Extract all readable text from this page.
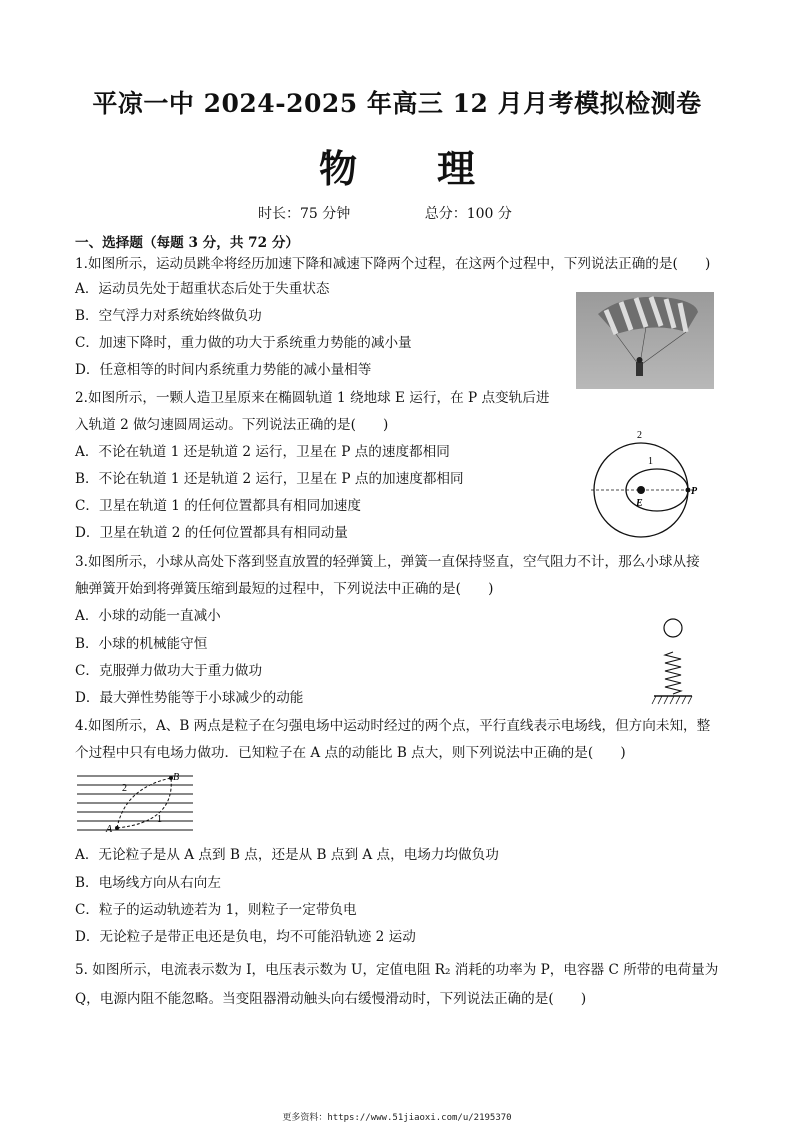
平凉一中 2024-2025 年高三 12 月月考模拟检测卷
物理
时长：75 分钟	总分：100 分
一、选择题（每题 3 分，共 72 分）
1.如图所示，运动员跳伞将经历加速下降和减速下降两个过程，在这两个过程中，下列说法正确的是(　　)
A．运动员先处于超重状态后处于失重状态
B．空气浮力对系统始终做负功
C．加速下降时，重力做的功大于系统重力势能的减小量
D．任意相等的时间内系统重力势能的减小量相等
2.如图所示，一颗人造卫星原来在椭圆轨道 1 绕地球 E 运行，在 P 点变轨后进
入轨道 2 做匀速圆周运动。下列说法正确的是(　　)
A．不论在轨道 1 还是轨道 2 运行，卫星在 P 点的速度都相同
B．不论在轨道 1 还是轨道 2 运行，卫星在 P 点的加速度都相同
C．卫星在轨道 1 的任何位置都具有相同加速度
D．卫星在轨道 2 的任何位置都具有相同动量
2
1
E
P
3.如图所示，小球从高处下落到竖直放置的轻弹簧上，弹簧一直保持竖直，空气阻力不计，那么小球从接
触弹簧开始到将弹簧压缩到最短的过程中，下列说法中正确的是(　　)
A．小球的动能一直减小
B．小球的机械能守恒
C．克服弹力做功大于重力做功
D．最大弹性势能等于小球减少的动能
4.如图所示，A、B 两点是粒子在匀强电场中运动时经过的两个点，平行直线表示电场线，但方向未知，整
个过程中只有电场力做功．已知粒子在 A 点的动能比 B 点大，则下列说法中正确的是(　　)
A
B
1
2
A．无论粒子是从 A 点到 B 点，还是从 B 点到 A 点，电场力均做负功
B．电场线方向从右向左
C．粒子的运动轨迹若为 1，则粒子一定带负电
D．无论粒子是带正电还是负电，均不可能沿轨迹 2 运动
5. 如图所示，电流表示数为 I，电压表示数为 U，定值电阻 R₂ 消耗的功率为 P，电容器 C 所带的电荷量为
Q，电源内阻不能忽略。当变阻器滑动触头向右缓慢滑动时，下列说法正确的是(　　)
更多资料：https://www.51jiaoxi.com/u/2195370
